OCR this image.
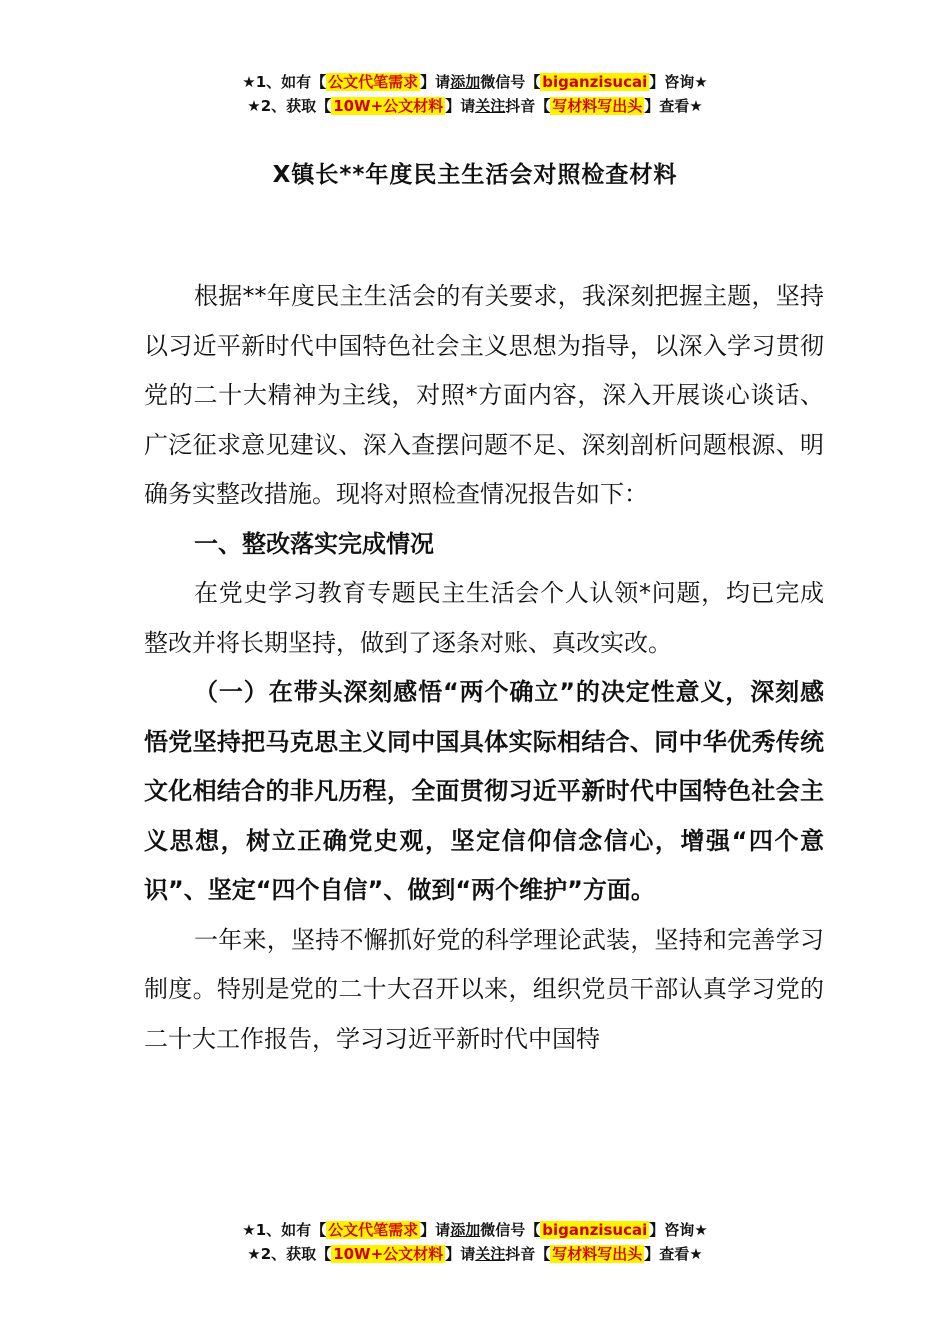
★1、如有【 公文代笔需求 】请添加微信号【 biganzisucai 】咨询★
★2、获取【 10W+公文材料 】请关注抖音【 写材料写出头 】查看★
X镇长**年度民主生活会对照检查材料

根据**年度民主生活会的有关要求，我深刻把握主题，坚持以习近平新时代中国特色社会主义思想为指导，以深入学习贯彻党的二十大精神为主线，对照*方面内容，深入开展谈心谈话、广泛征求意见建议、深入查摆问题不足、深刻剖析问题根源、明确务实整改措施。现将对照检查情况报告如下：

一、整改落实完成情况

在党史学习教育专题民主生活会个人认领*问题，均已完成整改并将长期坚持，做到了逐条对账、真改实改。

（一）在带头深刻感悟“两个确立”的决定性意义，深刻感悟党坚持把马克思主义同中国具体实际相结合、同中华优秀传统文化相结合的非凡历程，全面贯彻习近平新时代中国特色社会主义思想，树立正确党史观，坚定信仰信念信心，增强“四个意识”、坚定“四个自信”、做到“两个维护”方面。

一年来，坚持不懈抓好党的科学理论武装，坚持和完善学习制度。特别是党的二十大召开以来，组织党员干部认真学习党的二十大工作报告，学习习近平新时代中国特

★1、如有【 公文代笔需求 】请添加微信号【 biganzisucai 】咨询★
★2、获取【 10W+公文材料 】请关注抖音【 写材料写出头 】查看★
